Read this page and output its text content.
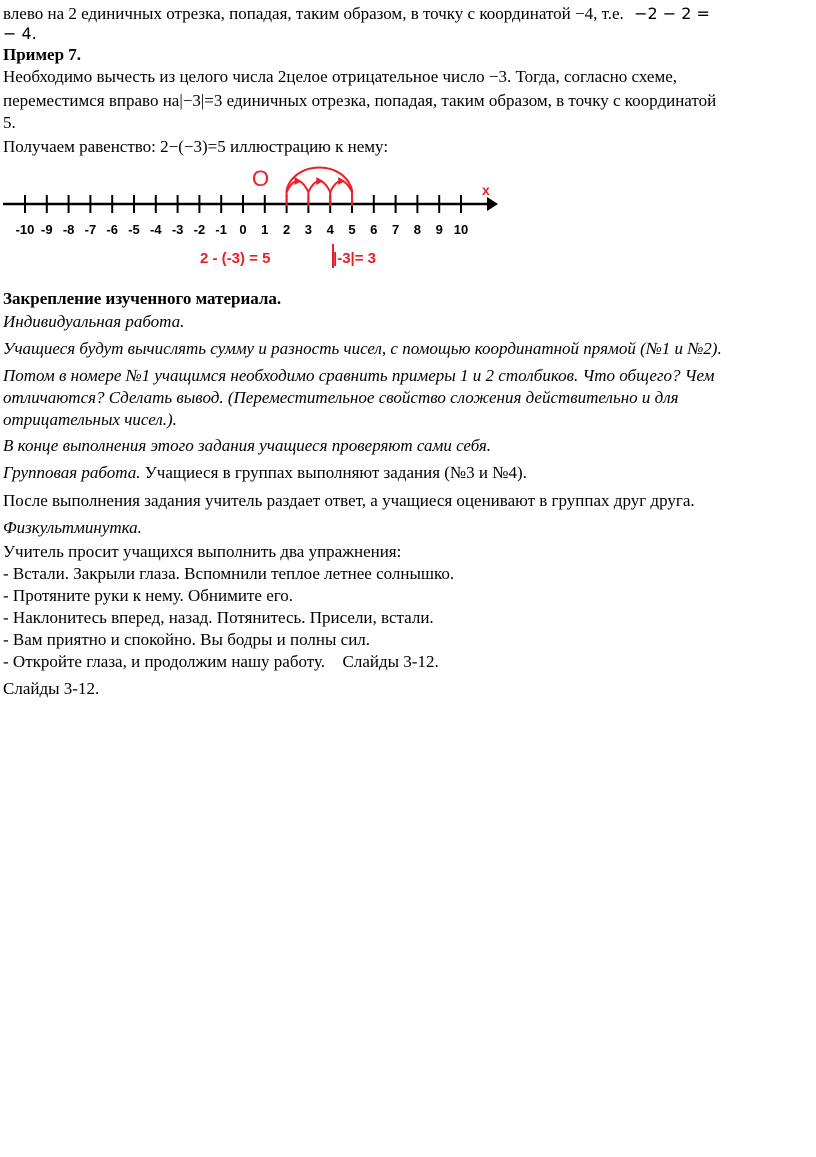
влево на 2 единичных отрезка, попадая, таким образом, в точку с координатой −4, т.е. −2 − 2 =
− 4.
Пример 7.
Необходимо вычесть из целого числа 2целое отрицательное число −3. Тогда, согласно схеме,
переместимся вправо на|−3|=3 единичных отрезка, попадая, таким образом, в точку с координатой
5.
Получаем равенство: 2−(−3)=5 иллюстрацию к нему:
O	x
-10 -9 -8 -7 -6 -5 -4 -3 -2 -1 0 1 2 3 4 5 6 7 8 9 10
2 - (-3) = 5	|-3|= 3
Закрепление изученного материала.
Индивидуальная работа.
Учащиеся будут вычислять сумму и разность чисел, с помощью координатной прямой (№1 и №2).
Потом в номере №1 учащимся необходимо сравнить примеры 1 и 2 столбиков. Что общего? Чем
отличаются? Сделать вывод. (Переместительное свойство сложения действительно и для
отрицательных чисел.).
В конце выполнения этого задания учащиеся проверяют сами себя.
Групповая работа. Учащиеся в группах выполняют задания (№3 и №4).
После выполнения задания учитель раздает ответ, а учащиеся оценивают в группах друг друга.
Физкультминутка.
Учитель просит учащихся выполнить два упражнения:
- Встали. Закрыли глаза. Вспомнили теплое летнее солнышко.
- Протяните руки к нему. Обнимите его.
- Наклонитесь вперед, назад. Потянитесь. Присели, встали.
- Вам приятно и спокойно. Вы бодры и полны сил.
- Откройте глаза, и продолжим нашу работу. Слайды 3-12.
Слайды 3-12.
